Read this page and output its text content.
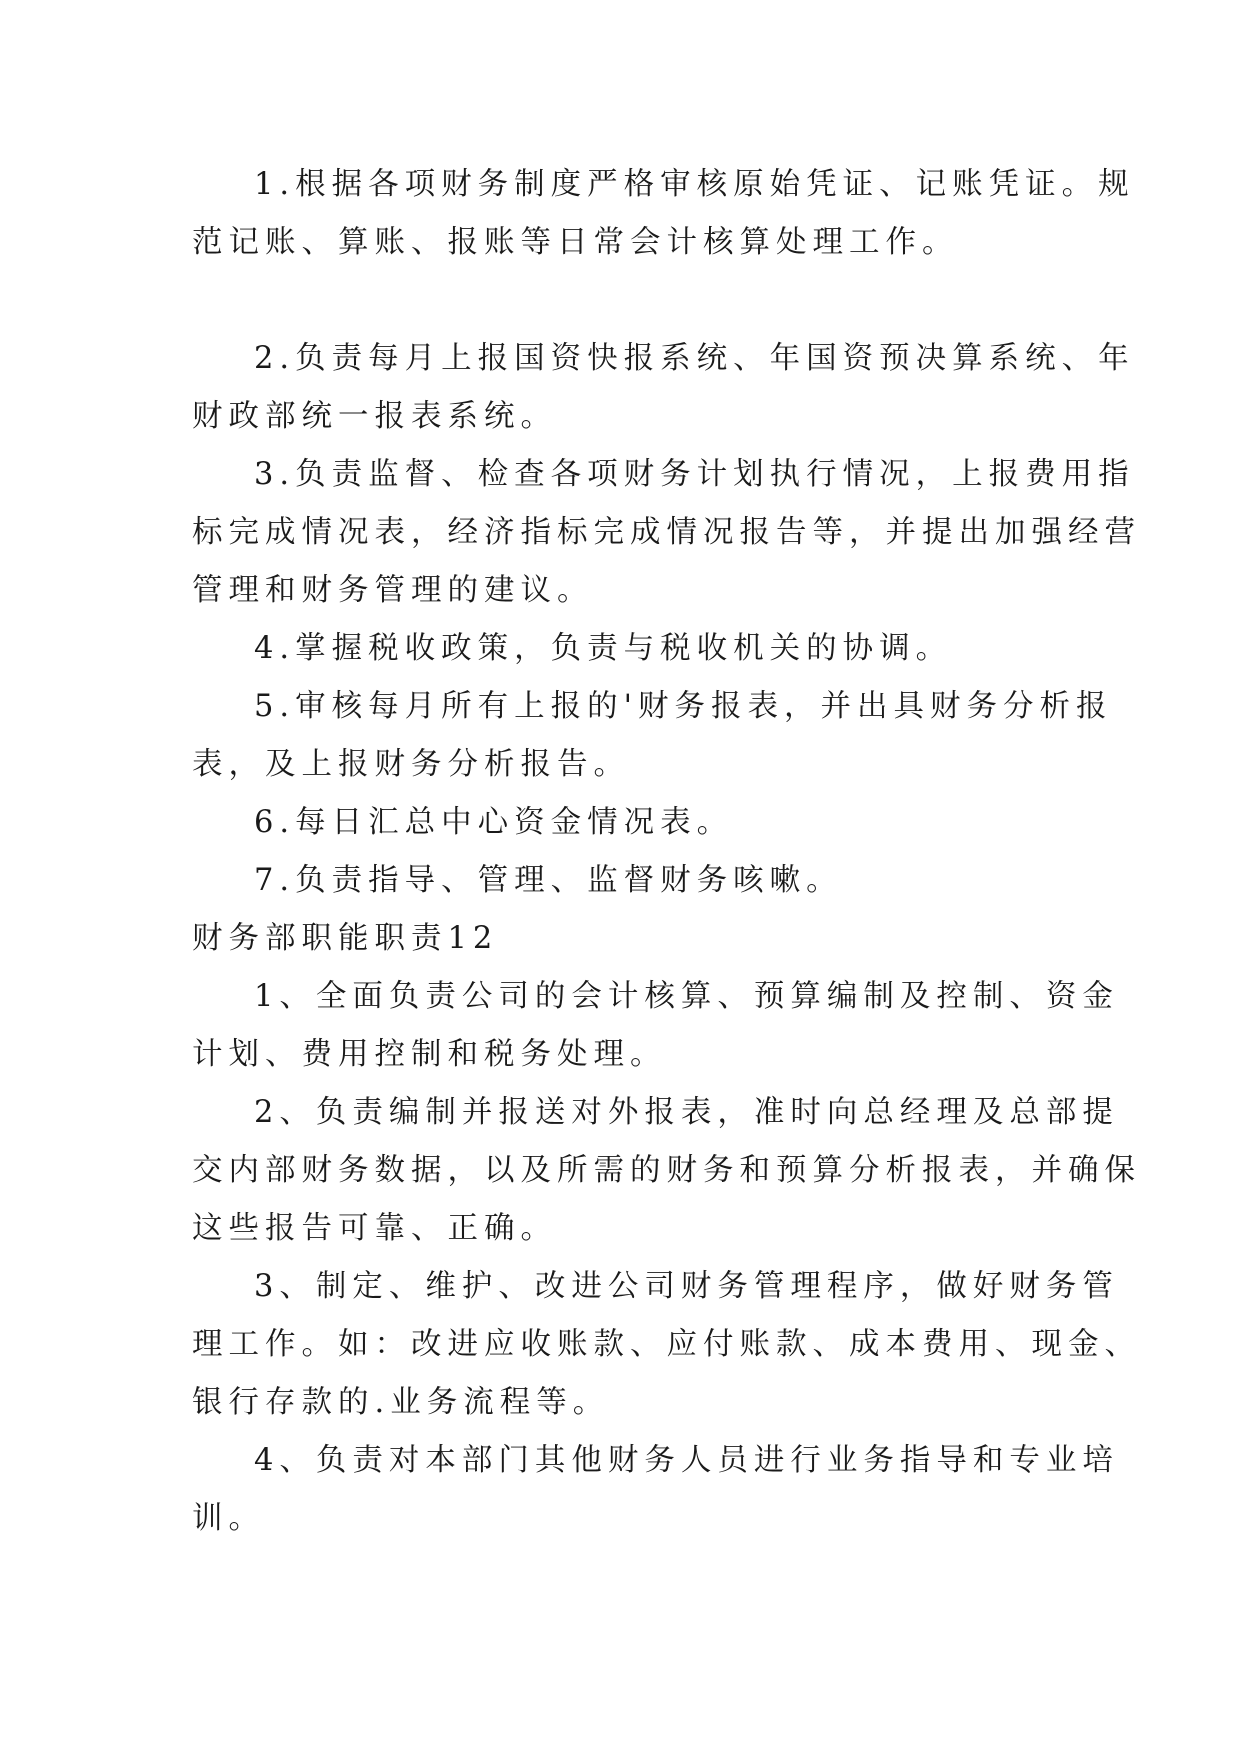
1.根据各项财务制度严格审核原始凭证、记账凭证。规
范记账、算账、报账等日常会计核算处理工作。
2.负责每月上报国资快报系统、年国资预决算系统、年
财政部统一报表系统。
3.负责监督、检查各项财务计划执行情况，上报费用指
标完成情况表，经济指标完成情况报告等，并提出加强经营
管理和财务管理的建议。
4.掌握税收政策，负责与税收机关的协调。
5.审核每月所有上报的'财务报表，并出具财务分析报
表，及上报财务分析报告。
6.每日汇总中心资金情况表。
7.负责指导、管理、监督财务咳嗽。
财务部职能职责12
1、全面负责公司的会计核算、预算编制及控制、资金
计划、费用控制和税务处理。
2、负责编制并报送对外报表，准时向总经理及总部提
交内部财务数据，以及所需的财务和预算分析报表，并确保
这些报告可靠、正确。
3、制定、维护、改进公司财务管理程序，做好财务管
理工作。如：改进应收账款、应付账款、成本费用、现金、
银行存款的.业务流程等。
4、负责对本部门其他财务人员进行业务指导和专业培
训。
